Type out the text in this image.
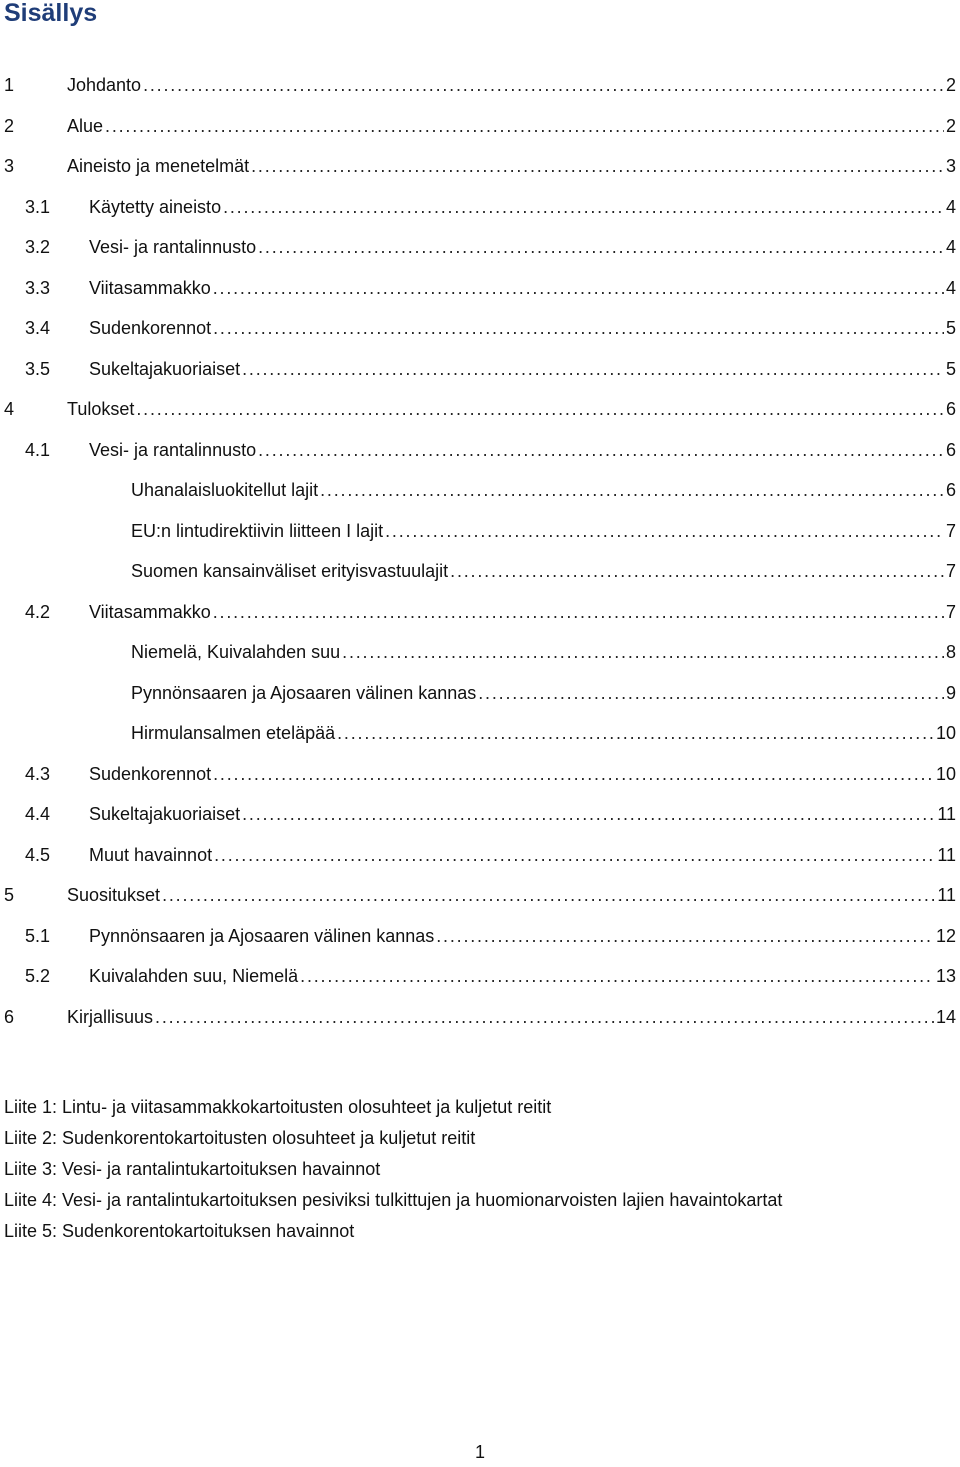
Sisällys
1	Johdanto . . .	2
2	Alue . . .	2
3	Aineisto ja menetelmät . . .	3
3.1 Käytetty aineisto . . .	4
3.2 Vesi- ja rantalinnusto . . .	4
3.3 Viitasammakko . . .	4
3.4 Sudenkorennot . . .	5
3.5 Sukeltajakuoriaiset . . .	5
4	Tulokset . . .	6
4.1 Vesi- ja rantalinnusto . . .	6
Uhanalaisluokitellut lajit . . .	6
EU:n lintudirektiivin liitteen I lajit . . .	7
Suomen kansainväliset erityisvastuulajit . . .	7
4.2 Viitasammakko . . .	7
Niemelä, Kuivalahden suu . . .	8
Pynnönsaaren ja Ajosaaren välinen kannas . . .	9
Hirmulansalmen eteläpää . . .	10
4.3 Sudenkorennot . . .	10
4.4 Sukeltajakuoriaiset . . .	11
4.5 Muut havainnot . . .	11
5	Suositukset . . .	11
5.1 Pynnönsaaren ja Ajosaaren välinen kannas . . .	12
5.2 Kuivalahden suu, Niemelä . . .	13
6	Kirjallisuus . . .	14
Liite 1: Lintu- ja viitasammakkokartoitusten olosuhteet ja kuljetut reitit
Liite 2: Sudenkorentokartoitusten olosuhteet ja kuljetut reitit
Liite 3: Vesi- ja rantalintukartoituksen havainnot
Liite 4: Vesi- ja rantalintukartoituksen pesiviksi tulkittujen ja huomionarvoisten lajien havaintokartat
Liite 5: Sudenkorentokartoituksen havainnot
1
